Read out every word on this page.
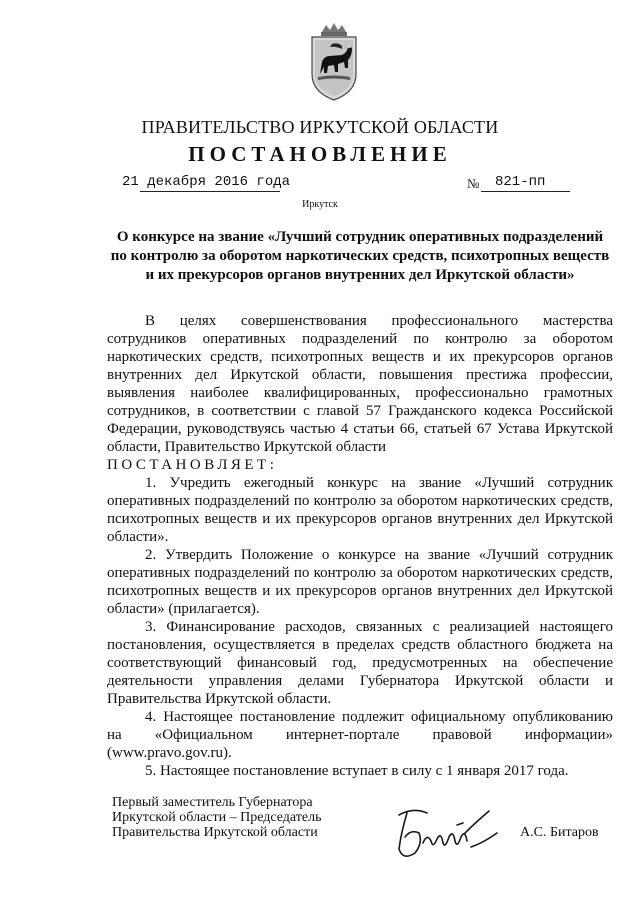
ПРАВИТЕЛЬСТВО ИРКУТСКОЙ ОБЛАСТИ
ПОСТАНОВЛЕНИЕ
21 декабря 2016 года	№ 821-пп
Иркутск
О конкурсе на звание «Лучший сотрудник оперативных подразделений
по контролю за оборотом наркотических средств, психотропных веществ
и их прекурсоров органов внутренних дел Иркутской области»
В целях совершенствования профессионального мастерства
сотрудников оперативных подразделений по контролю за оборотом
наркотических средств, психотропных веществ и их прекурсоров органов
внутренних дел Иркутской области, повышения престижа профессии,
выявления наиболее квалифицированных, профессионально грамотных
сотрудников, в соответствии с главой 57 Гражданского кодекса Российской
Федерации, руководствуясь частью 4 статьи 66, статьей 67 Устава Иркутской
области, Правительство Иркутской области
ПОСТАНОВЛЯЕТ:

1. Учредить ежегодный конкурс на звание «Лучший сотрудник оперативных подразделений по контролю за оборотом наркотических средств, психотропных веществ и их прекурсоров органов внутренних дел Иркутской области».

2. Утвердить Положение о конкурсе на звание «Лучший сотрудник оперативных подразделений по контролю за оборотом наркотических средств, психотропных веществ и их прекурсоров органов внутренних дел Иркутской области» (прилагается).

3. Финансирование расходов, связанных с реализацией настоящего постановления, осуществляется в пределах средств областного бюджета на соответствующий финансовый год, предусмотренных на обеспечение деятельности управления делами Губернатора Иркутской области и Правительства Иркутской области.

4. Настоящее постановление подлежит официальному опубликованию на «Официальном интернет-портале правовой информации» (www.pravo.gov.ru).

5. Настоящее постановление вступает в силу с 1 января 2017 года.

Первый заместитель Губернатора
Иркутской области – Председатель
Правительства Иркутской области	А.С. Битаров
